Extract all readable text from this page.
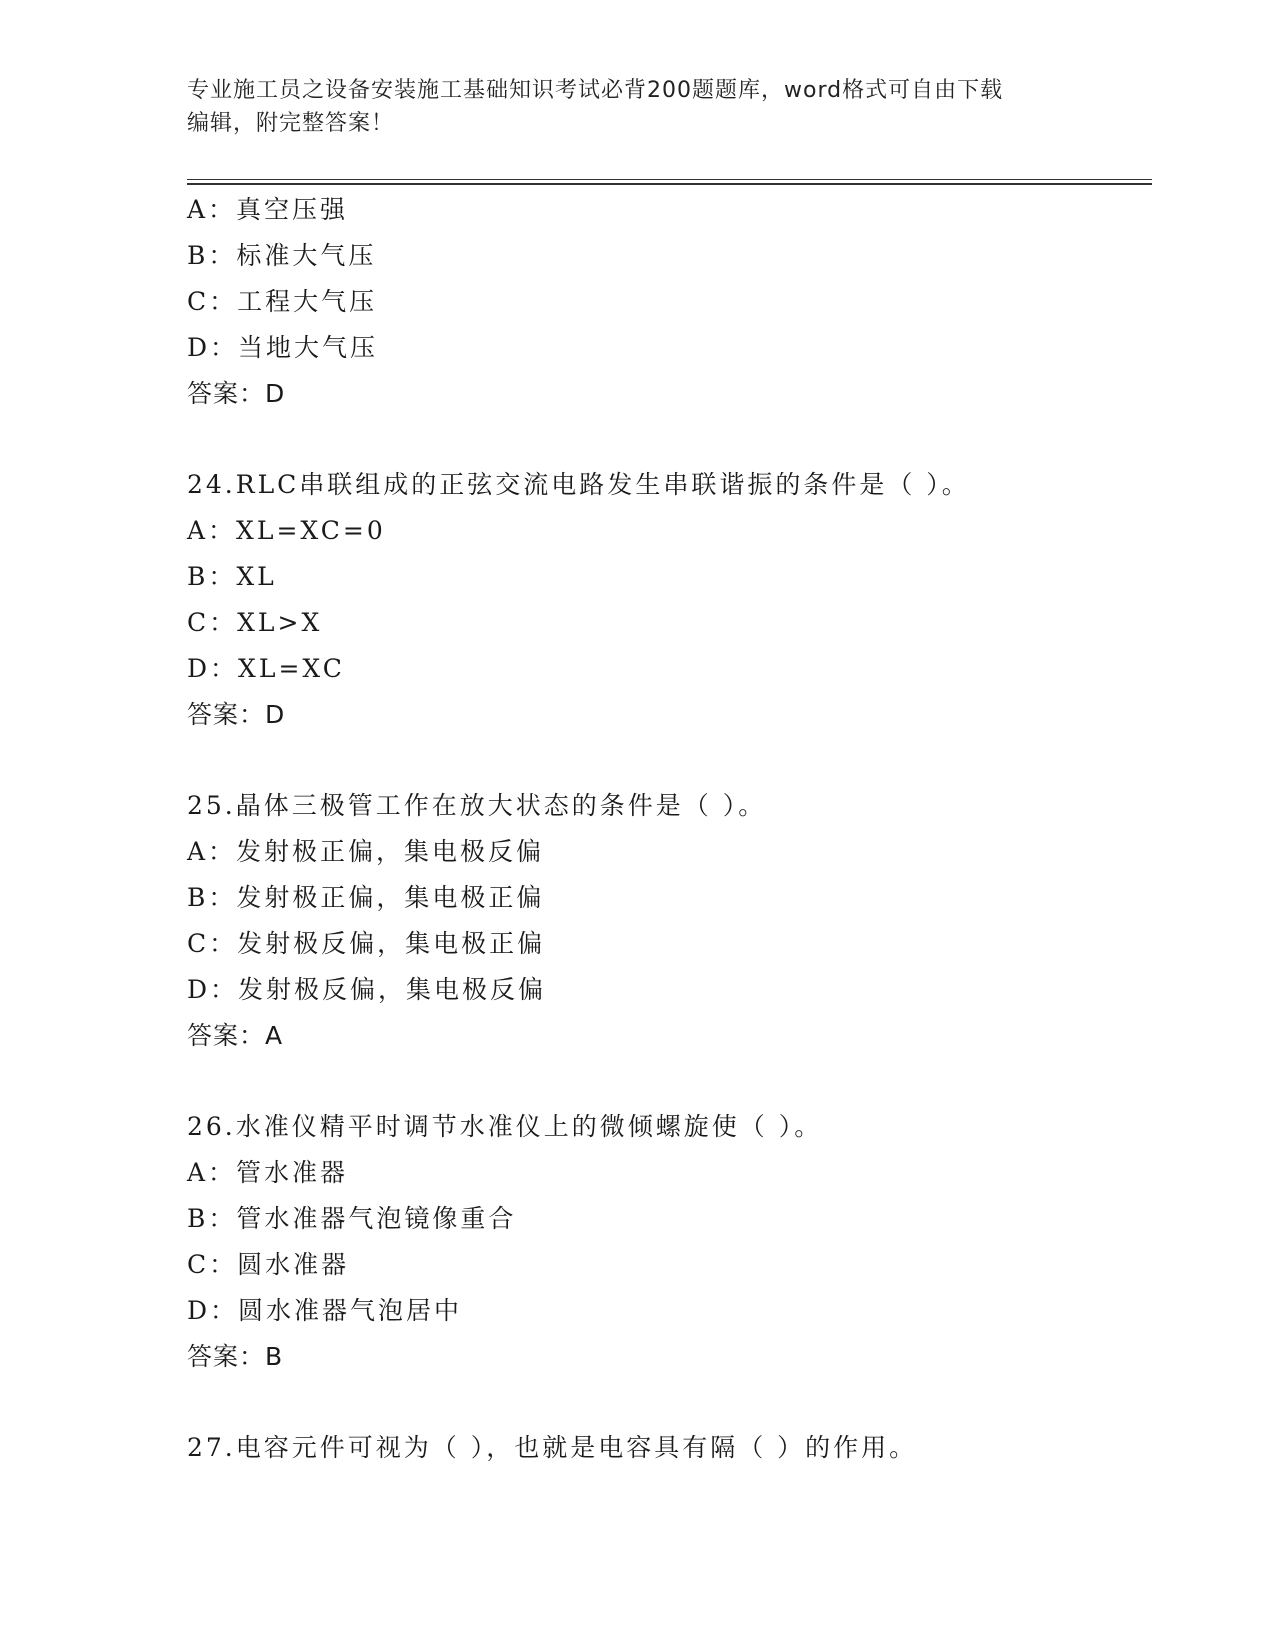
专业施工员之设备安装施工基础知识考试必背200题题库，word格式可自由下载
编辑，附完整答案！
A：真空压强
B：标准大气压
C：工程大气压
D：当地大气压
答案：D
24.RLC串联组成的正弦交流电路发生串联谐振的条件是（ ）。
A：XL=XC=0
B：XL
C：XL>X
D：XL=XC
答案：D
25.晶体三极管工作在放大状态的条件是（ ）。
A：发射极正偏，集电极反偏
B：发射极正偏，集电极正偏
C：发射极反偏，集电极正偏
D：发射极反偏，集电极反偏
答案：A
26.水准仪精平时调节水准仪上的微倾螺旋使（ ）。
A：管水准器
B：管水准器气泡镜像重合
C：圆水准器
D：圆水准器气泡居中
答案：B
27.电容元件可视为（ ），也就是电容具有隔（ ）的作用。
